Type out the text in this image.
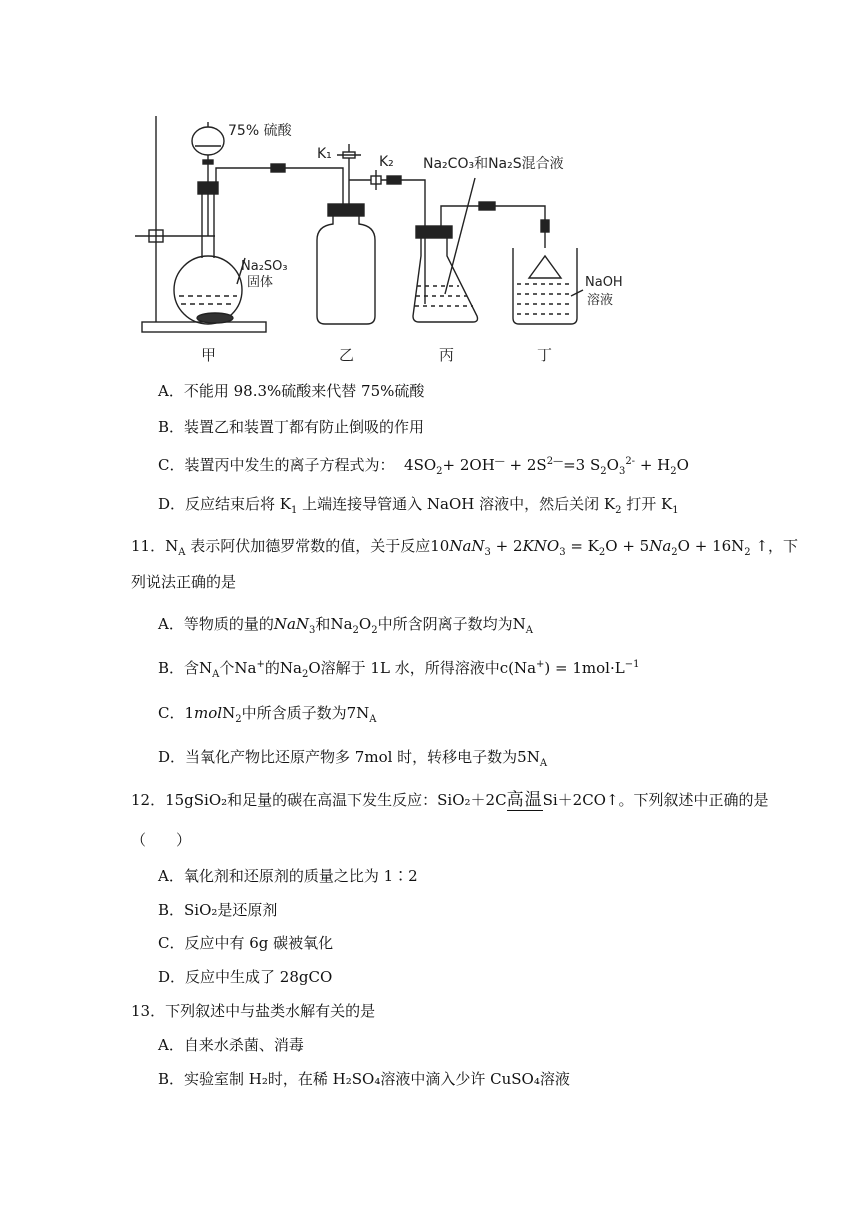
75% 硫酸
Na₂SO₃
固体
K₁	K₂ Na₂CO₃和Na₂S混合液
NaOH
溶液
甲	乙	丙	丁
A．不能用 98.3%硫酸来代替 75%硫酸
B．装置乙和装置丁都有防止倒吸的作用
C．装置丙中发生的离子方程式为：  $4SO_2+ 2OH^— + 2S^{2—}=3$ $S_2O_3^{2-} + H_2O$
D．反应结束后将 $K_1$ 上端连接导管通入 NaOH 溶液中，然后关闭 $K_2$ 打开 $K_1$
11．$N_A$ 表示阿伏加德罗常数的值，关于反应$10NaN_3 + 2KNO_3 = K_2O + 5Na_2O + 16N_2$ ↑，下
列说法正确的是
A．等物质的量的NaN$_3$和$Na_2O_2$中所含阴离子数均为$N_A$
B．含$N_A$个Na+的$Na_2O$溶解于 1L 水，所得溶液中$c(Na^+) = 1mol\cdot L^{-1}$
C．1molN$_2$中所含质子数为$7N_A$
D．当氧化产物比还原产物多 7mol 时，转移电子数为$5N_A$
12．15gSiO₂和足量的碳在高温下发生反应：SiO₂＋2C高温Si＋2CO↑。下列叙述中正确的是
（　　）
A．氧化剂和还原剂的质量之比为 1∶2
B．SiO₂是还原剂
C．反应中有 6g 碳被氧化
D．反应中生成了 28gCO
13．下列叙述中与盐类水解有关的是
A．自来水杀菌、消毒
B．实验室制 H₂时，在稀 H₂SO₄溶液中滴入少许 CuSO₄溶液
